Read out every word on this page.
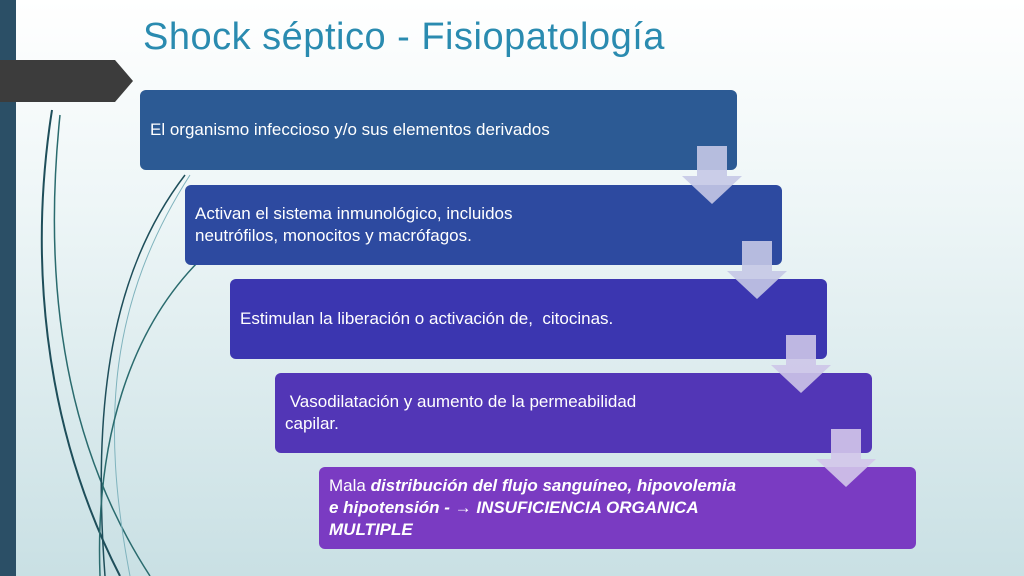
Shock séptico - Fisiopatología
El organismo infeccioso y/o sus elementos derivados
Activan el sistema inmunológico, incluidos
neutrófilos, monocitos y macrófagos.
Estimulan la liberación o activación de,  citocinas.
Vasodilatación y aumento de la permeabilidad
capilar.
Mala distribución del flujo sanguíneo, hipovolemia
e hipotensión - → INSUFICIENCIA ORGANICA
MULTIPLE
